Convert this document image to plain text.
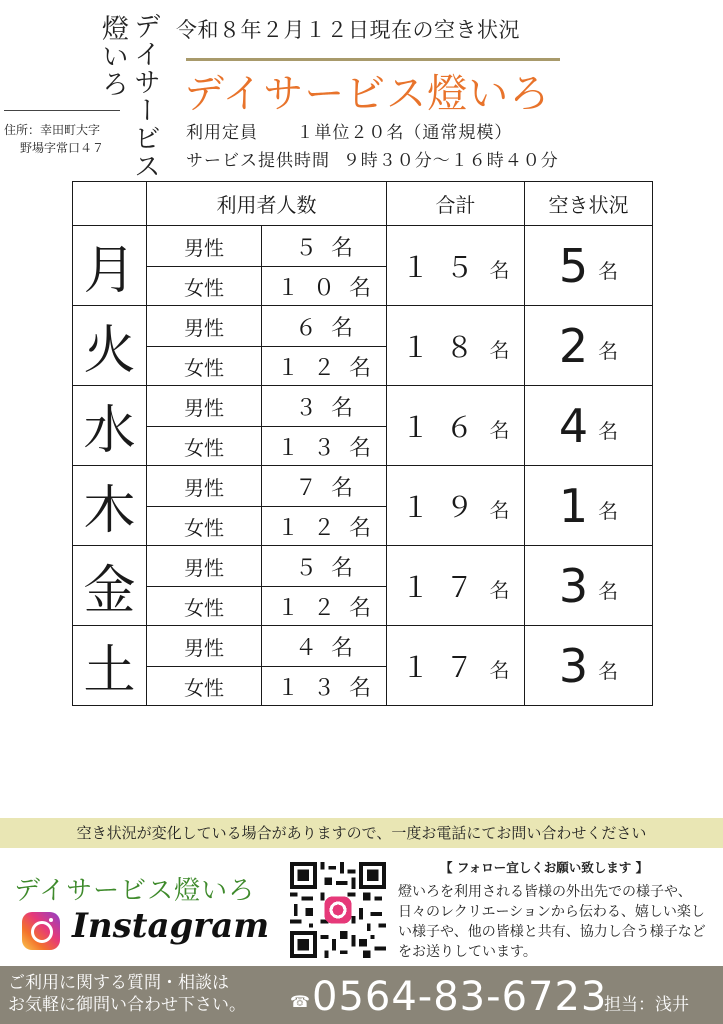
デイサービス
燈いろ
住所：幸田町大字
野場字常口４７
令和８年２月１２日現在の空き状況
デイサービス燈いろ
利用定員 １単位２０名（通常規模）
サービス提供時間 ９時３０分～１６時４０分
	利用者人数		合計	空き状況
月	男性	５名	１５名	5 名
	女性	１０名		
火	男性	６名	１８名	2 名
	女性	１２名		
水	男性	３名	１６名	4 名
	女性	１３名		
木	男性	７名	１９名	1 名
	女性	１２名		
金	男性	５名	１７名	3 名
	女性	１２名		
土	男性	４名	１７名	3 名
	女性	１３名		
空き状況が変化している場合がありますので、一度お電話にてお問い合わせください
デイサービス燈いろ
Instagram
【 フォロー宜しくお願い致します 】
燈いろを利用される皆様の外出先での様子や、日々のレクリエーションから伝わる、嬉しい楽しい様子や、他の皆様と共有、協力し合う様子などをお送りしています。
ご利用に関する質問・相談は
お気軽に御問い合わせ下さい。	☎ 0564-83-6723
担当：浅井
